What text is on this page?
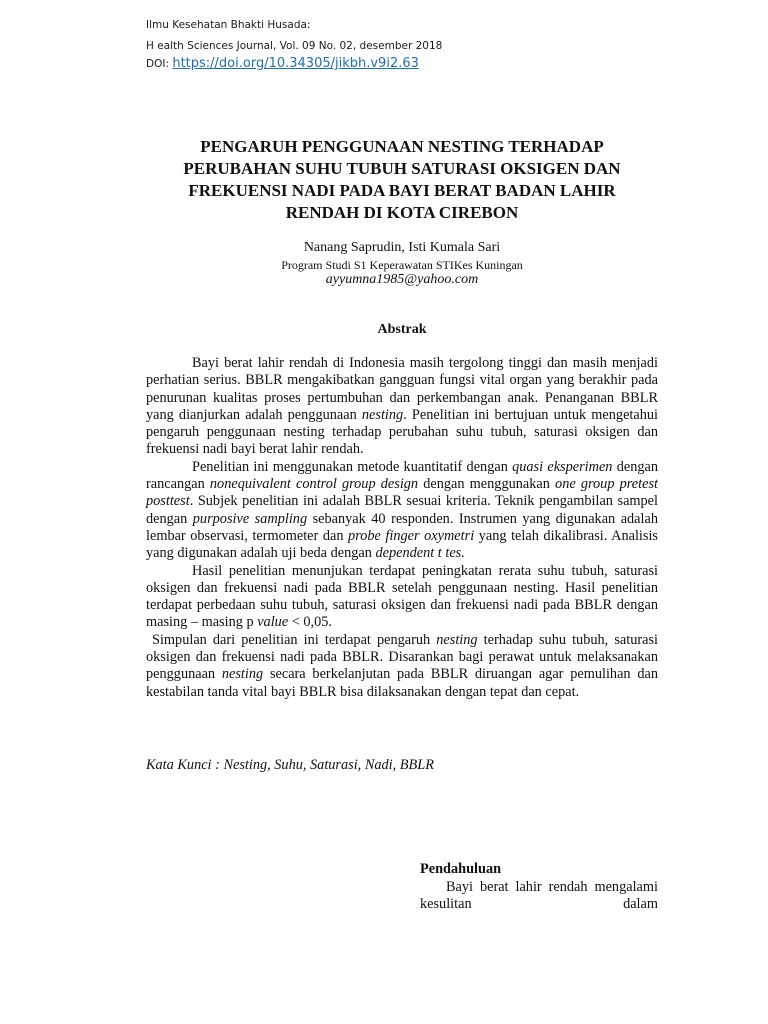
Ilmu Kesehatan Bhakti Husada:
H ealth Sciences Journal, Vol. 09 No. 02, desember 2018
DOI: https://doi.org/10.34305/jikbh.v9i2.63
PENGARUH PENGGUNAAN NESTING TERHADAP
PERUBAHAN SUHU TUBUH SATURASI OKSIGEN DAN
FREKUENSI NADI PADA BAYI BERAT BADAN LAHIR
RENDAH DI KOTA CIREBON
Nanang Saprudin, Isti Kumala Sari
Program Studi S1 Keperawatan STIKes Kuningan
ayyumna1985@yahoo.com
Abstrak

Bayi berat lahir rendah di Indonesia masih tergolong tinggi dan masih menjadi perhatian serius. BBLR mengakibatkan gangguan fungsi vital organ yang berakhir pada penurunan kualitas proses pertumbuhan dan perkembangan anak. Penanganan BBLR yang dianjurkan adalah penggunaan nesting. Penelitian ini bertujuan untuk mengetahui pengaruh penggunaan nesting terhadap perubahan suhu tubuh, saturasi oksigen dan frekuensi nadi bayi berat lahir rendah.

Penelitian ini menggunakan metode kuantitatif dengan quasi eksperimen dengan rancangan nonequivalent control group design dengan menggunakan one group pretest posttest. Subjek penelitian ini adalah BBLR sesuai kriteria. Teknik pengambilan sampel dengan purposive sampling sebanyak 40 responden. Instrumen yang digunakan adalah lembar observasi, termometer dan probe finger oxymetri yang telah dikalibrasi. Analisis yang digunakan adalah uji beda dengan dependent t tes.

Hasil penelitian menunjukan terdapat peningkatan rerata suhu tubuh, saturasi oksigen dan frekuensi nadi pada BBLR setelah penggunaan nesting. Hasil penelitian terdapat perbedaan suhu tubuh, saturasi oksigen dan frekuensi nadi pada BBLR dengan masing – masing p value < 0,05.

Simpulan dari penelitian ini terdapat pengaruh nesting terhadap suhu tubuh, saturasi oksigen dan frekuensi nadi pada BBLR. Disarankan bagi perawat untuk melaksanakan penggunaan nesting secara berkelanjutan pada BBLR diruangan agar pemulihan dan kestabilan tanda vital bayi BBLR bisa dilaksanakan dengan tepat dan cepat.

Kata Kunci : Nesting, Suhu, Saturasi, Nadi, BBLR
Pendahuluan

Bayi berat lahir rendah mengalami kesulitan dalam
